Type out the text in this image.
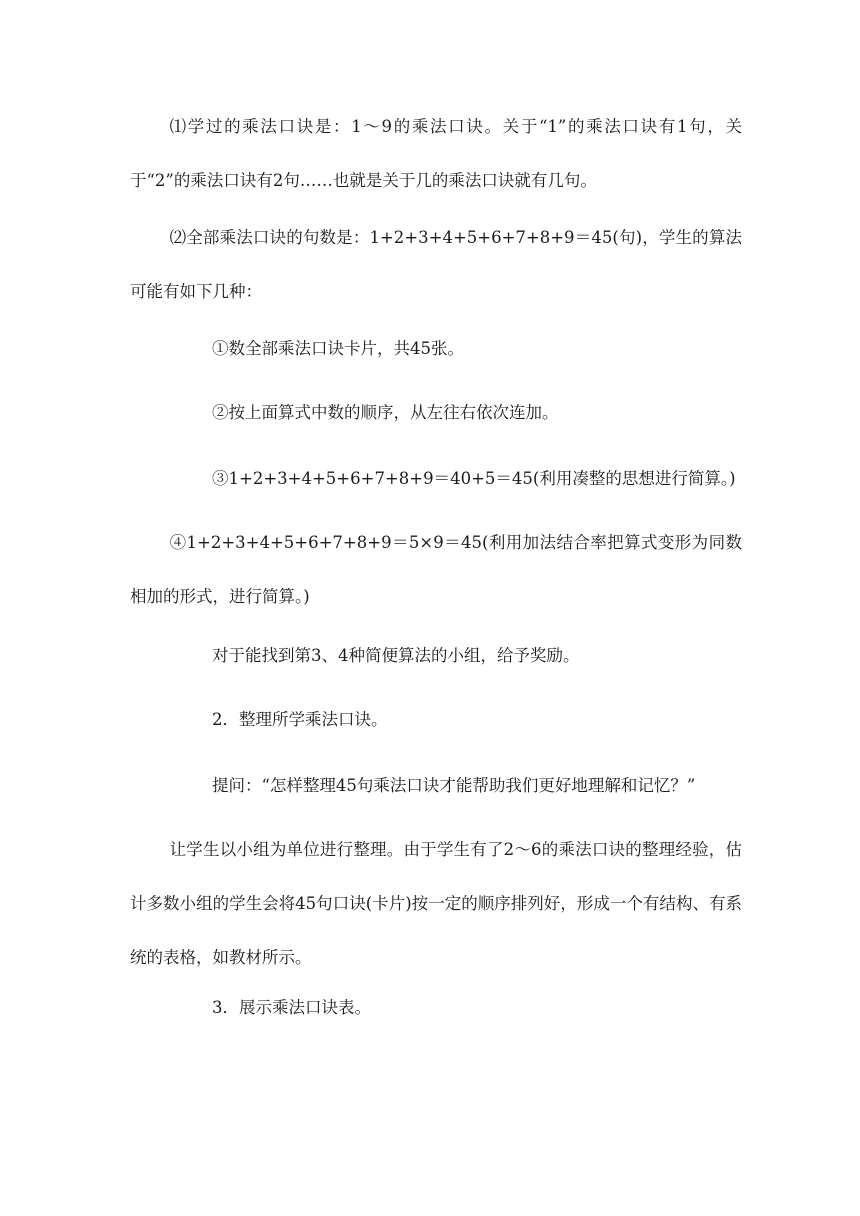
⑴学过的乘法口诀是：1～9的乘法口诀。关于“1”的乘法口诀有1句，关于“2”的乘法口诀有2句……也就是关于几的乘法口诀就有几句。

⑵全部乘法口诀的句数是：1+2+3+4+5+6+7+8+9＝45(句)，学生的算法可能有如下几种：

①数全部乘法口诀卡片，共45张。

②按上面算式中数的顺序，从左往右依次连加。

③1+2+3+4+5+6+7+8+9＝40+5＝45(利用凑整的思想进行简算。)

④1+2+3+4+5+6+7+8+9＝5×9＝45(利用加法结合率把算式变形为同数相加的形式，进行简算。)

对于能找到第3、4种简便算法的小组，给予奖励。

2．整理所学乘法口诀。

提问：“怎样整理45句乘法口诀才能帮助我们更好地理解和记忆？”

让学生以小组为单位进行整理。由于学生有了2～6的乘法口诀的整理经验，估计多数小组的学生会将45句口诀(卡片)按一定的顺序排列好，形成一个有结构、有系统的表格，如教材所示。

3．展示乘法口诀表。
